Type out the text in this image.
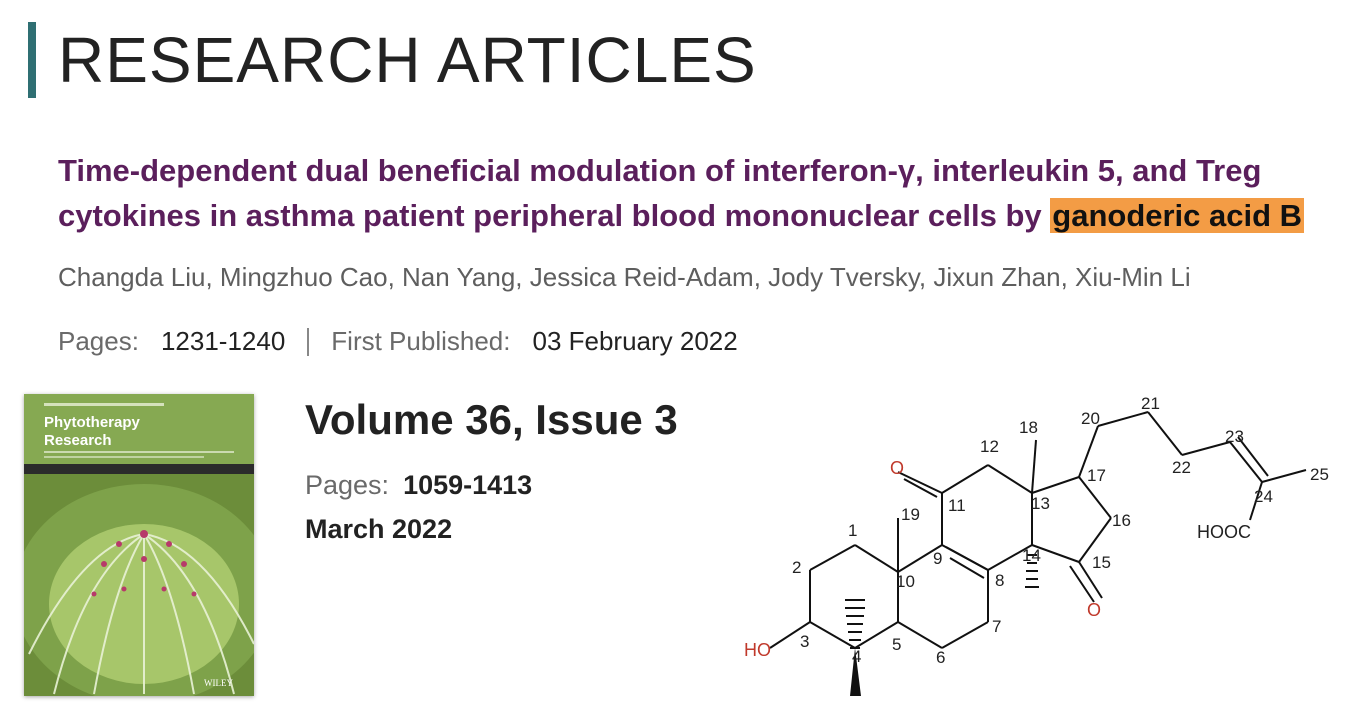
RESEARCH ARTICLES
Time-dependent dual beneficial modulation of interferon-γ, interleukin 5, and Treg cytokines in asthma patient peripheral blood mononuclear cells by ganoderic acid B
Changda Liu, Mingzhuo Cao, Nan Yang, Jessica Reid-Adam, Jody Tversky, Jixun Zhan, Xiu-Min Li
Pages: 1231-1240 First Published: 03 February 2022
Phytotherapy Research
WILEY
Volume 36, Issue 3
Pages: 1059-1413
March 2022	1
2
3
4
5
6
7
8
9
10
11
12
13
14	15
16
17
18
19
20
21
22
23
24
25
HO
O
O
HOOC
